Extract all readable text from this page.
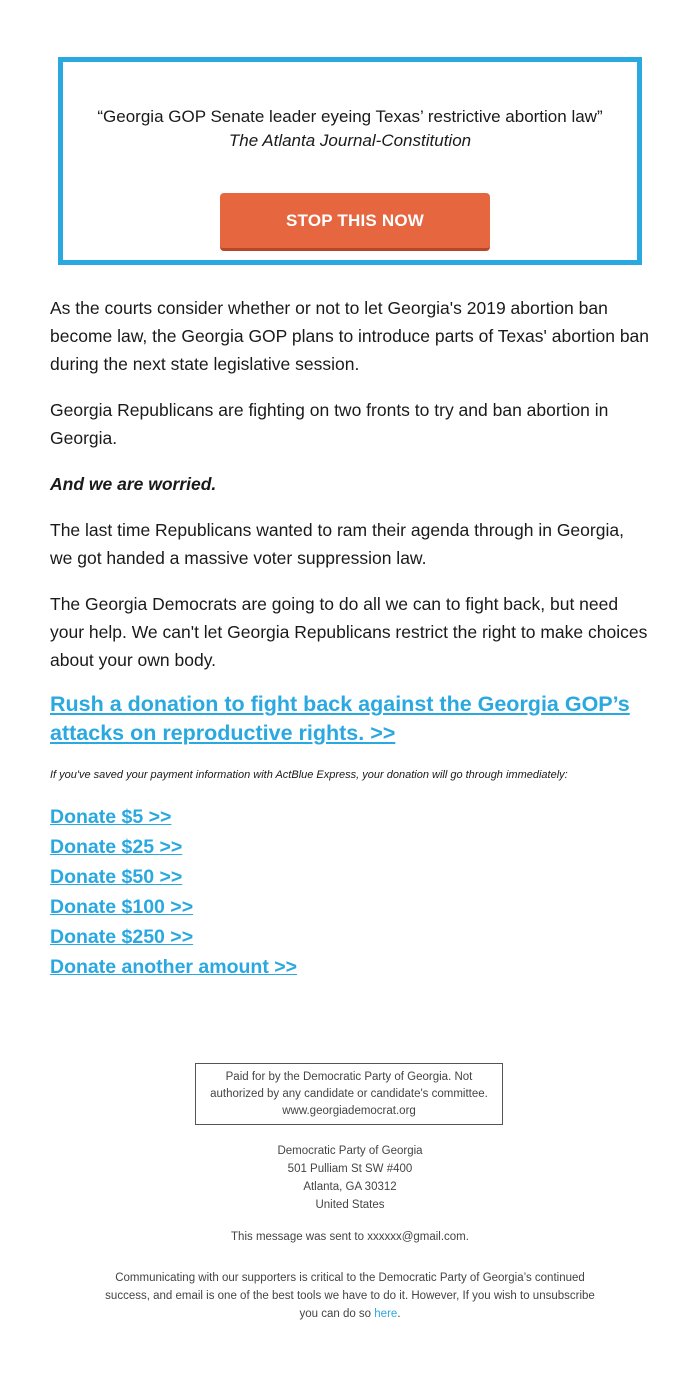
“Georgia GOP Senate leader eyeing Texas’ restrictive abortion law”
The Atlanta Journal-Constitution
STOP THIS NOW

As the courts consider whether or not to let Georgia's 2019 abortion ban become law, the Georgia GOP plans to introduce parts of Texas' abortion ban during the next state legislative session.

Georgia Republicans are fighting on two fronts to try and ban abortion in Georgia.

And we are worried.

The last time Republicans wanted to ram their agenda through in Georgia, we got handed a massive voter suppression law.

The Georgia Democrats are going to do all we can to fight back, but need your help. We can't let Georgia Republicans restrict the right to make choices about your own body.

Rush a donation to fight back against the Georgia GOP’s attacks on reproductive rights. >>
If you've saved your payment information with ActBlue Express, your donation will go through immediately:
Donate $5 >>
Donate $25 >>
Donate $50 >>
Donate $100 >>
Donate $250 >>
Donate another amount >>
Paid for by the Democratic Party of Georgia. Not
authorized by any candidate or candidate's committee.
www.georgiademocrat.org
Democratic Party of Georgia
501 Pulliam St SW #400
Atlanta, GA 30312
United States
This message was sent to xxxxxx@gmail.com.
Communicating with our supporters is critical to the Democratic Party of Georgia’s continued success, and email is one of the best tools we have to do it. However, If you wish to unsubscribe you can do so here.
